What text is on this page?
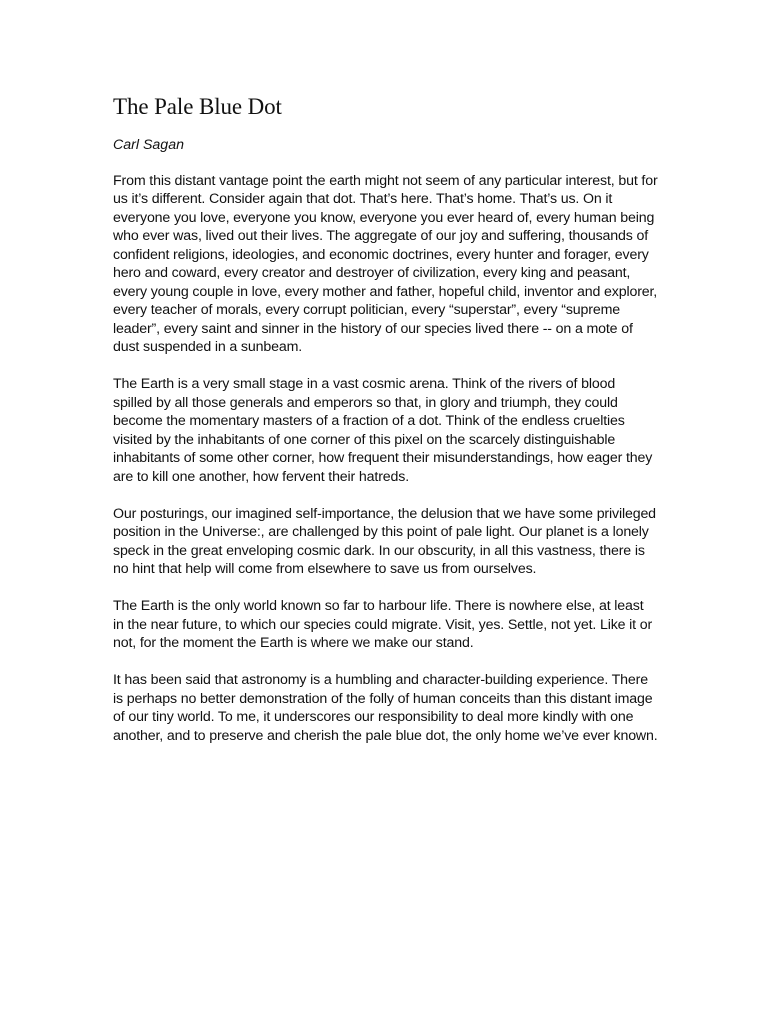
The Pale Blue Dot

Carl Sagan

From this distant vantage point the earth might not seem of any particular interest, but for us it’s different. Consider again that dot. That’s here. That’s home. That’s us. On it everyone you love, everyone you know, everyone you ever heard of, every human being who ever was, lived out their lives. The aggregate of our joy and suffering, thousands of confident religions, ideologies, and economic doctrines, every hunter and forager, every hero and coward, every creator and destroyer of civilization, every king and peasant, every young couple in love, every mother and father, hopeful child, inventor and explorer, every teacher of morals, every corrupt politician, every “superstar”, every “supreme leader”, every saint and sinner in the history of our species lived there -- on a mote of dust suspended in a sunbeam.

The Earth is a very small stage in a vast cosmic arena. Think of the rivers of blood spilled by all those generals and emperors so that, in glory and triumph, they could become the momentary masters of a fraction of a dot. Think of the endless cruelties visited by the inhabitants of one corner of this pixel on the scarcely distinguishable inhabitants of some other corner, how frequent their misunderstandings, how eager they are to kill one another, how fervent their hatreds.

Our posturings, our imagined self-importance, the delusion that we have some privileged position in the Universe:, are challenged by this point of pale light. Our planet is a lonely speck in the great enveloping cosmic dark. In our obscurity, in all this vastness, there is no hint that help will come from elsewhere to save us from ourselves.

The Earth is the only world known so far to harbour life. There is nowhere else, at least in the near future, to which our species could migrate. Visit, yes. Settle, not yet. Like it or not, for the moment the Earth is where we make our stand.

It has been said that astronomy is a humbling and character-building experience. There is perhaps no better demonstration of the folly of human conceits than this distant image of our tiny world. To me, it underscores our responsibility to deal more kindly with one another, and to preserve and cherish the pale blue dot, the only home we’ve ever known.
